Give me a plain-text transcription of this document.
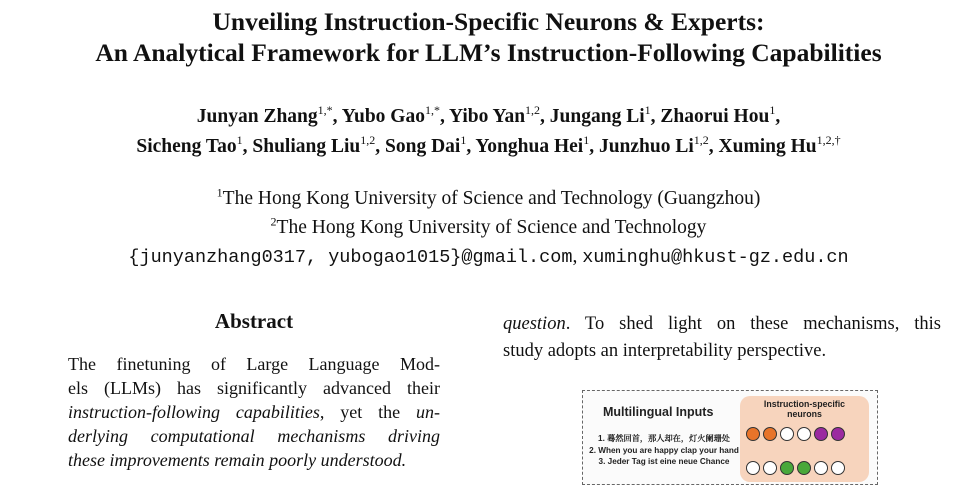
Unveiling Instruction-Specific Neurons & Experts:
An Analytical Framework for LLM’s Instruction-Following Capabilities
Junyan Zhang$^{1,*}$, Yubo Gao$^{1,*}$, Yibo Yan$^{1,2}$, Jungang Li$^1$, Zhaorui Hou$^1$,
Sicheng Tao$^1$, Shuliang Liu$^{1,2}$, Song Dai$^1$, Yonghua Hei$^1$, Junzhuo Li$^{1,2}$, Xuming $Hu^{1,2,\dagger}$
$^1$The Hong Kong University of Science and Technology (Guangzhou)
$^2$The Hong Kong University of Science and Technology
{junyanzhang0317, yubogao1015}@gmail.com, xuminghu@hkust-gz.edu.cn
Abstract
The finetuning of Large Language Mod-
els (LLMs) has significantly advanced their
instruction-following capabilities, yet the un-
derlying computational mechanisms driving
these improvements remain poorly understood.
question. To shed light on these mechanisms, this
study adopts an interpretability perspective.
Multilingual Inputs
1. 蓦然回首，那人却在，灯火阑珊处
2. When you are happy clap your hand
3. Jeder Tag ist eine neue Chance
Instruction-specific
neurons
